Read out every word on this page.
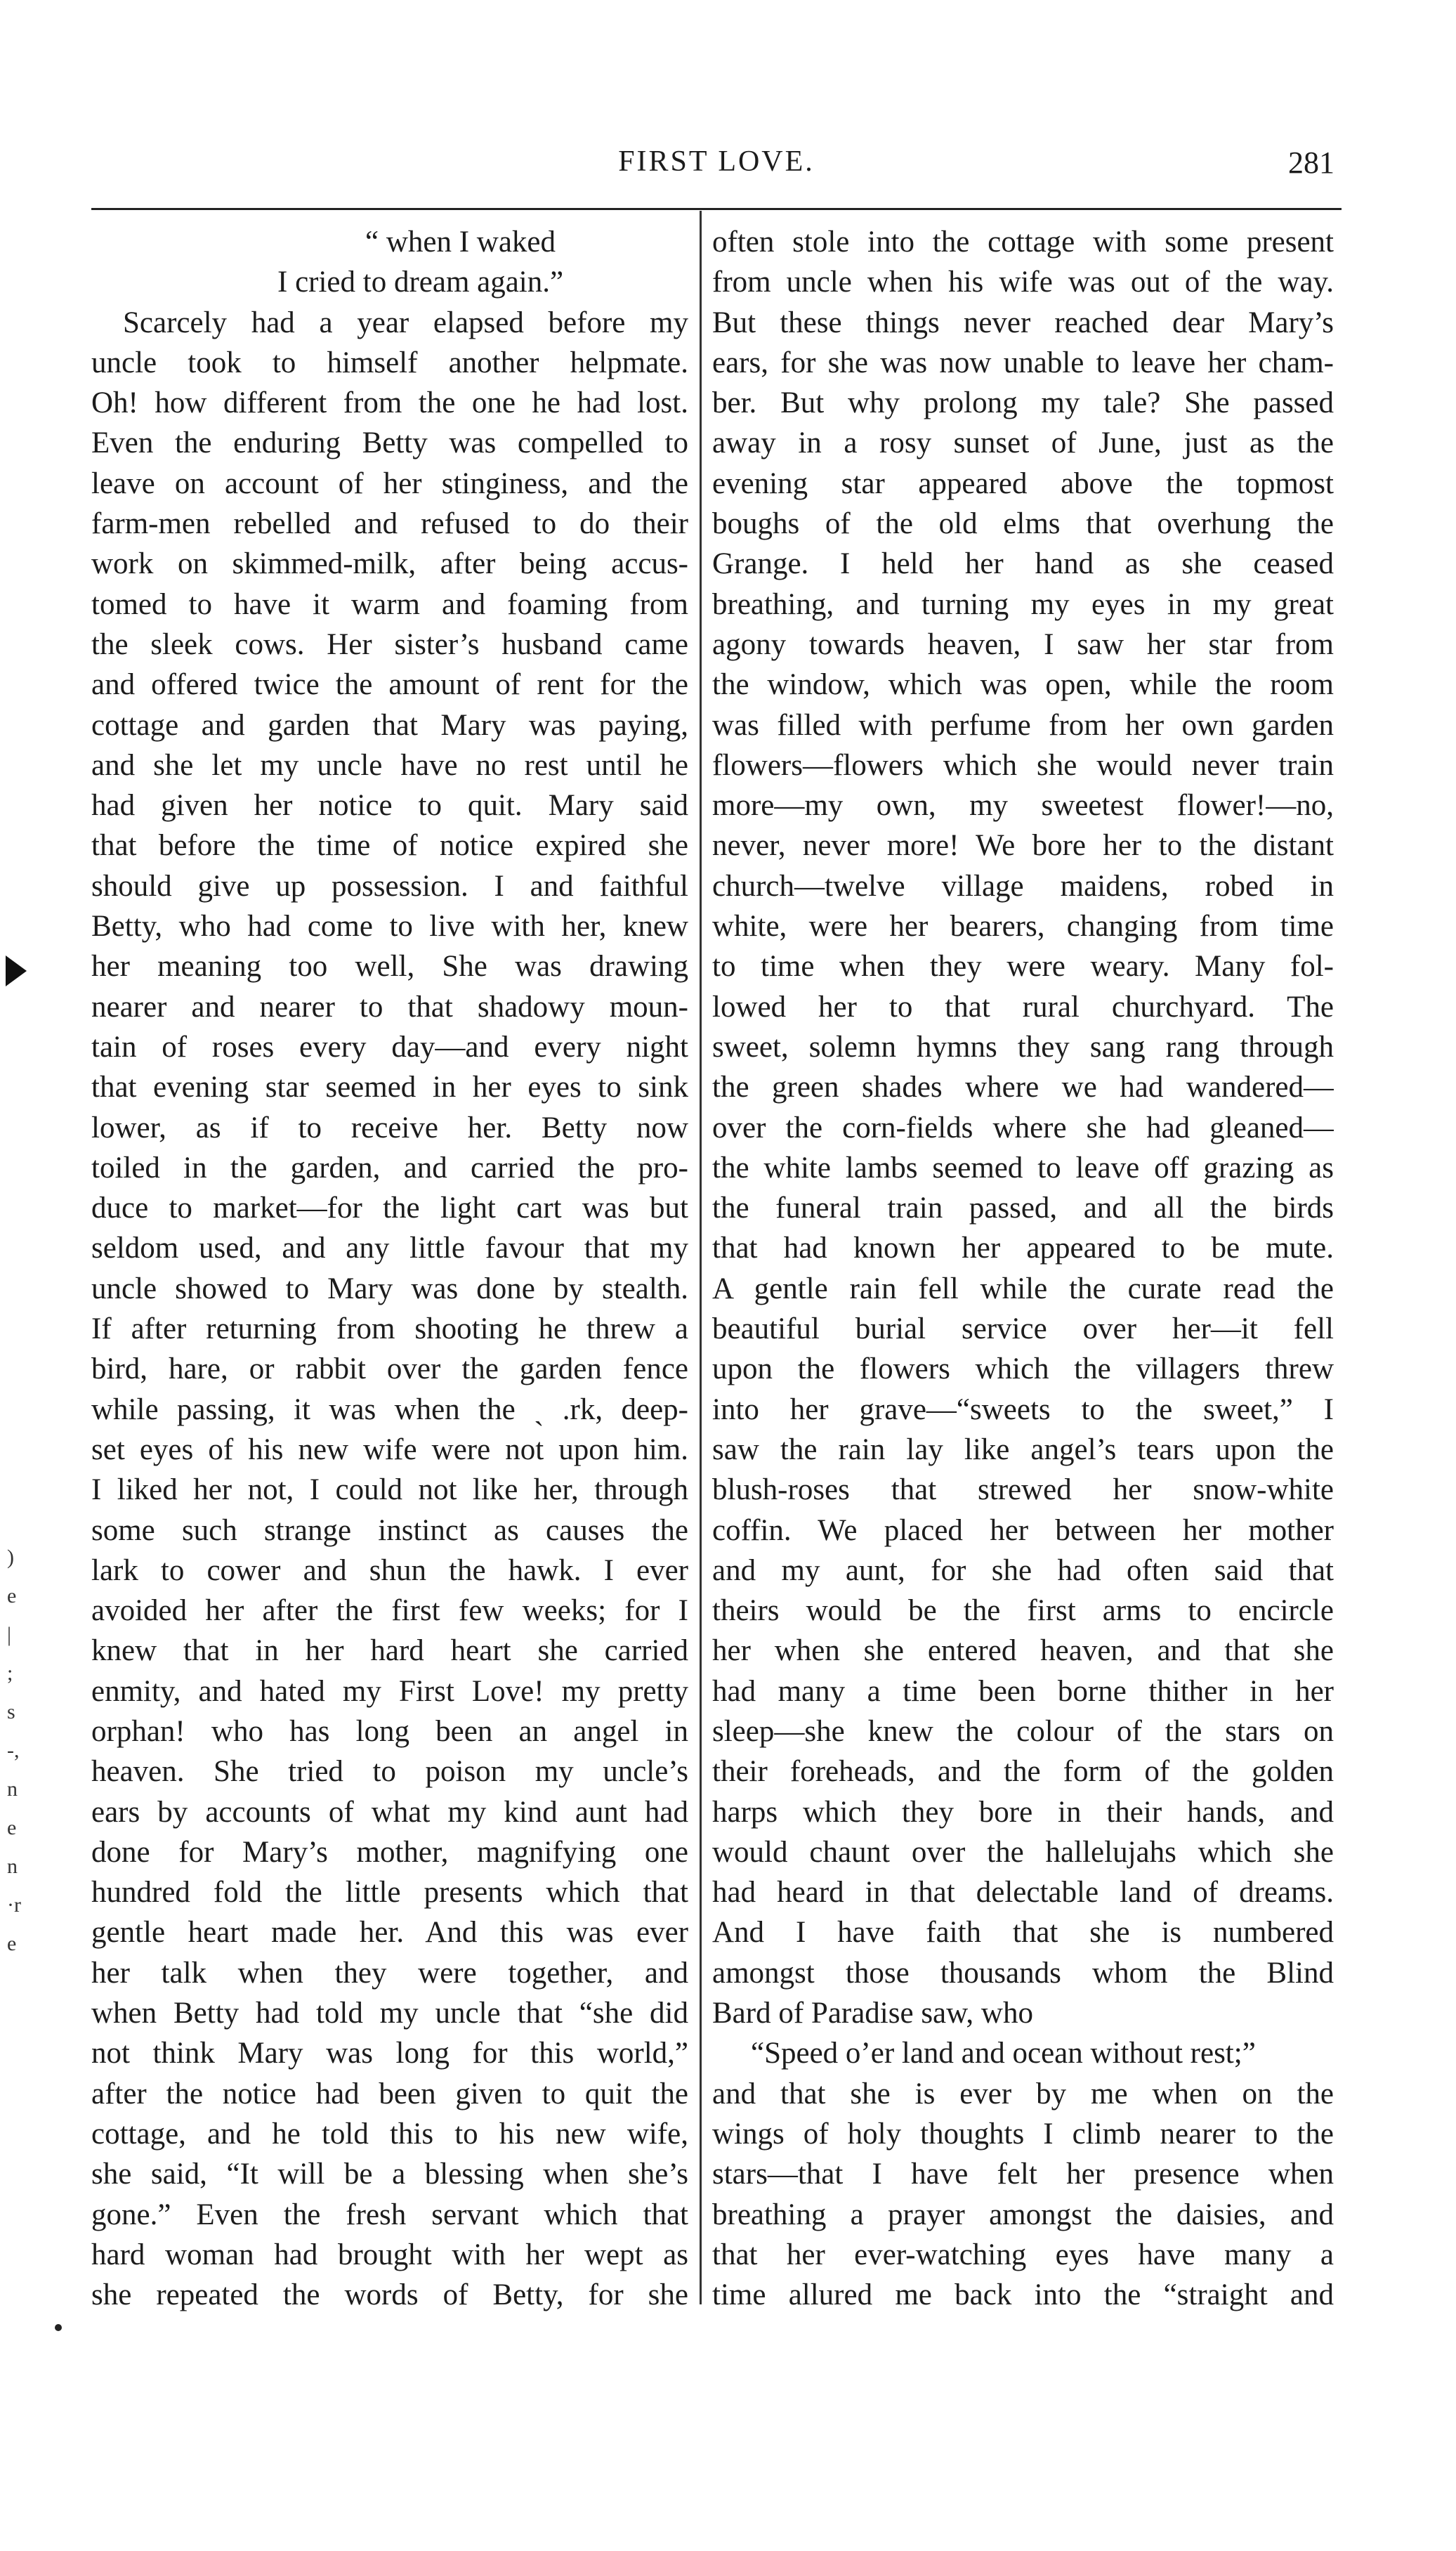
FIRST LOVE.	281
“ when I waked
I cried to dream again.”
Scarcely had a year elapsed before my
uncle took to himself another helpmate.
Oh! how different from the one he had lost.
Even the enduring Betty was compelled to
leave on account of her stinginess, and the
farm-men rebelled and refused to do their
work on skimmed-milk, after being accus-
tomed to have it warm and foaming from
the sleek cows. Her sister’s husband came
and offered twice the amount of rent for the
cottage and garden that Mary was paying,
and she let my uncle have no rest until he
had given her notice to quit. Mary said
that before the time of notice expired she
should give up possession. I and faithful
Betty, who had come to live with her, knew
her meaning too well, She was drawing
nearer and nearer to that shadowy moun-
tain of roses every day—and every night
that evening star seemed in her eyes to sink
lower, as if to receive her. Betty now
toiled in the garden, and carried the pro-
duce to market—for the light cart was but
seldom used, and any little favour that my
uncle showed to Mary was done by stealth.
If after returning from shooting he threw a
bird, hare, or rabbit over the garden fence
while passing, it was when the ˎ .rk, deep-
set eyes of his new wife were not upon him.
I liked her not, I could not like her, through
some such strange instinct as causes the
lark to cower and shun the hawk. I ever
avoided her after the first few weeks; for I
knew that in her hard heart she carried
enmity, and hated my First Love! my pretty
orphan! who has long been an angel in
heaven. She tried to poison my uncle’s
ears by accounts of what my kind aunt had
done for Mary’s mother, magnifying one
hundred fold the little presents which that
gentle heart made her. And this was ever
her talk when they were together, and
when Betty had told my uncle that “she did
not think Mary was long for this world,”
after the notice had been given to quit the
cottage, and he told this to his new wife,
she said, “It will be a blessing when she’s
gone.” Even the fresh servant which that
hard woman had brought with her wept as
she repeated the words of Betty, for she
often stole into the cottage with some present
from uncle when his wife was out of the way.
But these things never reached dear Mary’s
ears, for she was now unable to leave her cham-
ber. But why prolong my tale? She passed
away in a rosy sunset of June, just as the
evening star appeared above the topmost
boughs of the old elms that overhung the
Grange. I held her hand as she ceased
breathing, and turning my eyes in my great
agony towards heaven, I saw her star from
the window, which was open, while the room
was filled with perfume from her own garden
flowers—flowers which she would never train
more—my own, my sweetest flower!—no,
never, never more! We bore her to the distant
church—twelve village maidens, robed in
white, were her bearers, changing from time
to time when they were weary. Many fol-
lowed her to that rural churchyard. The
sweet, solemn hymns they sang rang through
the green shades where we had wandered—
over the corn-fields where she had gleaned—
the white lambs seemed to leave off grazing as
the funeral train passed, and all the birds
that had known her appeared to be mute.
A gentle rain fell while the curate read the
beautiful burial service over her—it fell
upon the flowers which the villagers threw
into her grave—“sweets to the sweet,” I
saw the rain lay like angel’s tears upon the
blush-roses that strewed her snow-white
coffin. We placed her between her mother
and my aunt, for she had often said that
theirs would be the first arms to encircle
her when she entered heaven, and that she
had many a time been borne thither in her
sleep—she knew the colour of the stars on
their foreheads, and the form of the golden
harps which they bore in their hands, and
would chaunt over the hallelujahs which she
had heard in that delectable land of dreams.
And I have faith that she is numbered
amongst those thousands whom the Blind
Bard of Paradise saw, who
“Speed o’er land and ocean without rest;”
and that she is ever by me when on the
wings of holy thoughts I climb nearer to the
stars—that I have felt her presence when
breathing a prayer amongst the daisies, and
that her ever-watching eyes have many a
time allured me back into the “straight and
)
e
|
;
s
-,
n
e
n
·r
e
